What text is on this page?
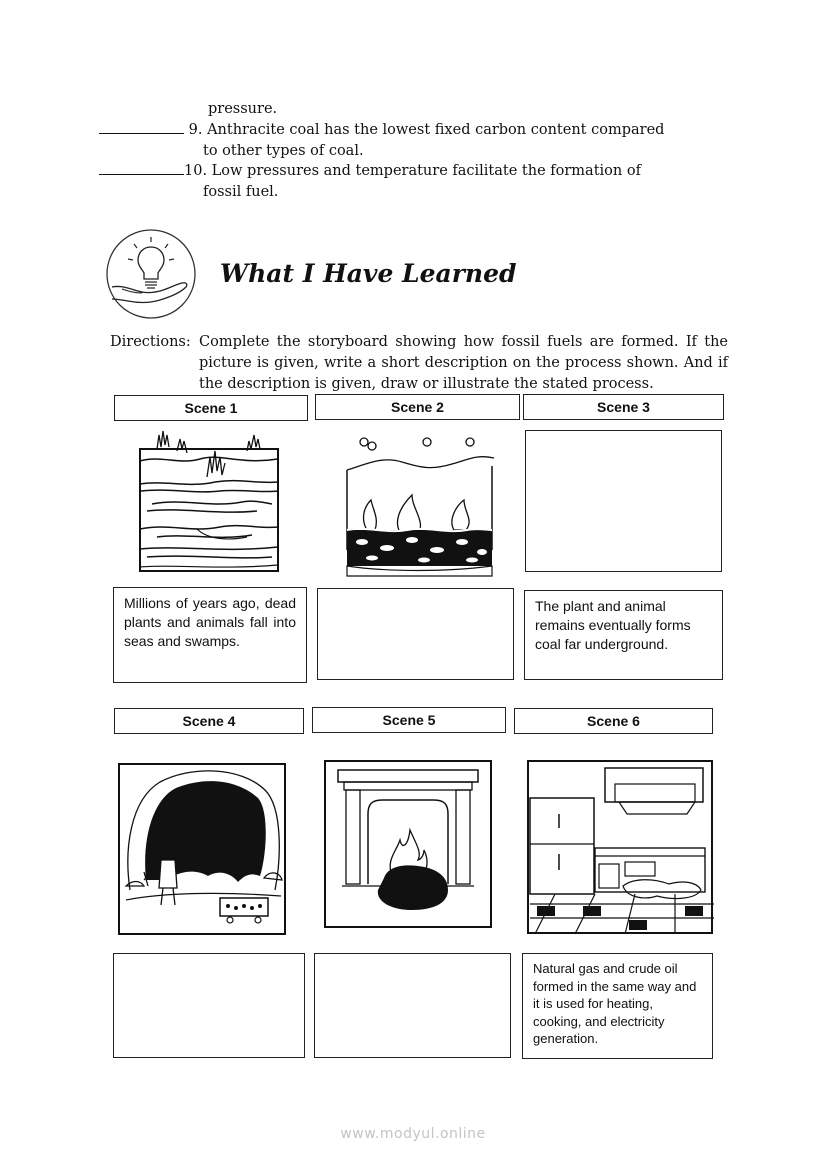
pressure.
9. Anthracite coal has the lowest fixed carbon content compared
to other types of coal.
10. Low pressures and temperature facilitate the formation of
fossil fuel.
What I Have Learned
Directions: Complete the storyboard showing how fossil fuels are formed. If the
picture is given, write a short description on the process shown. And if
the description is given, draw or illustrate the stated process.
Scene 1	Scene 2	Scene 3
Millions of years ago, dead plants and animals fall into seas and swamps.
The plant and animal remains eventually forms coal far underground.
Scene 4	Scene 5	Scene 6
Natural gas and crude oil formed in the same way and it is used for heating, cooking, and electricity generation.
www.modyul.online
